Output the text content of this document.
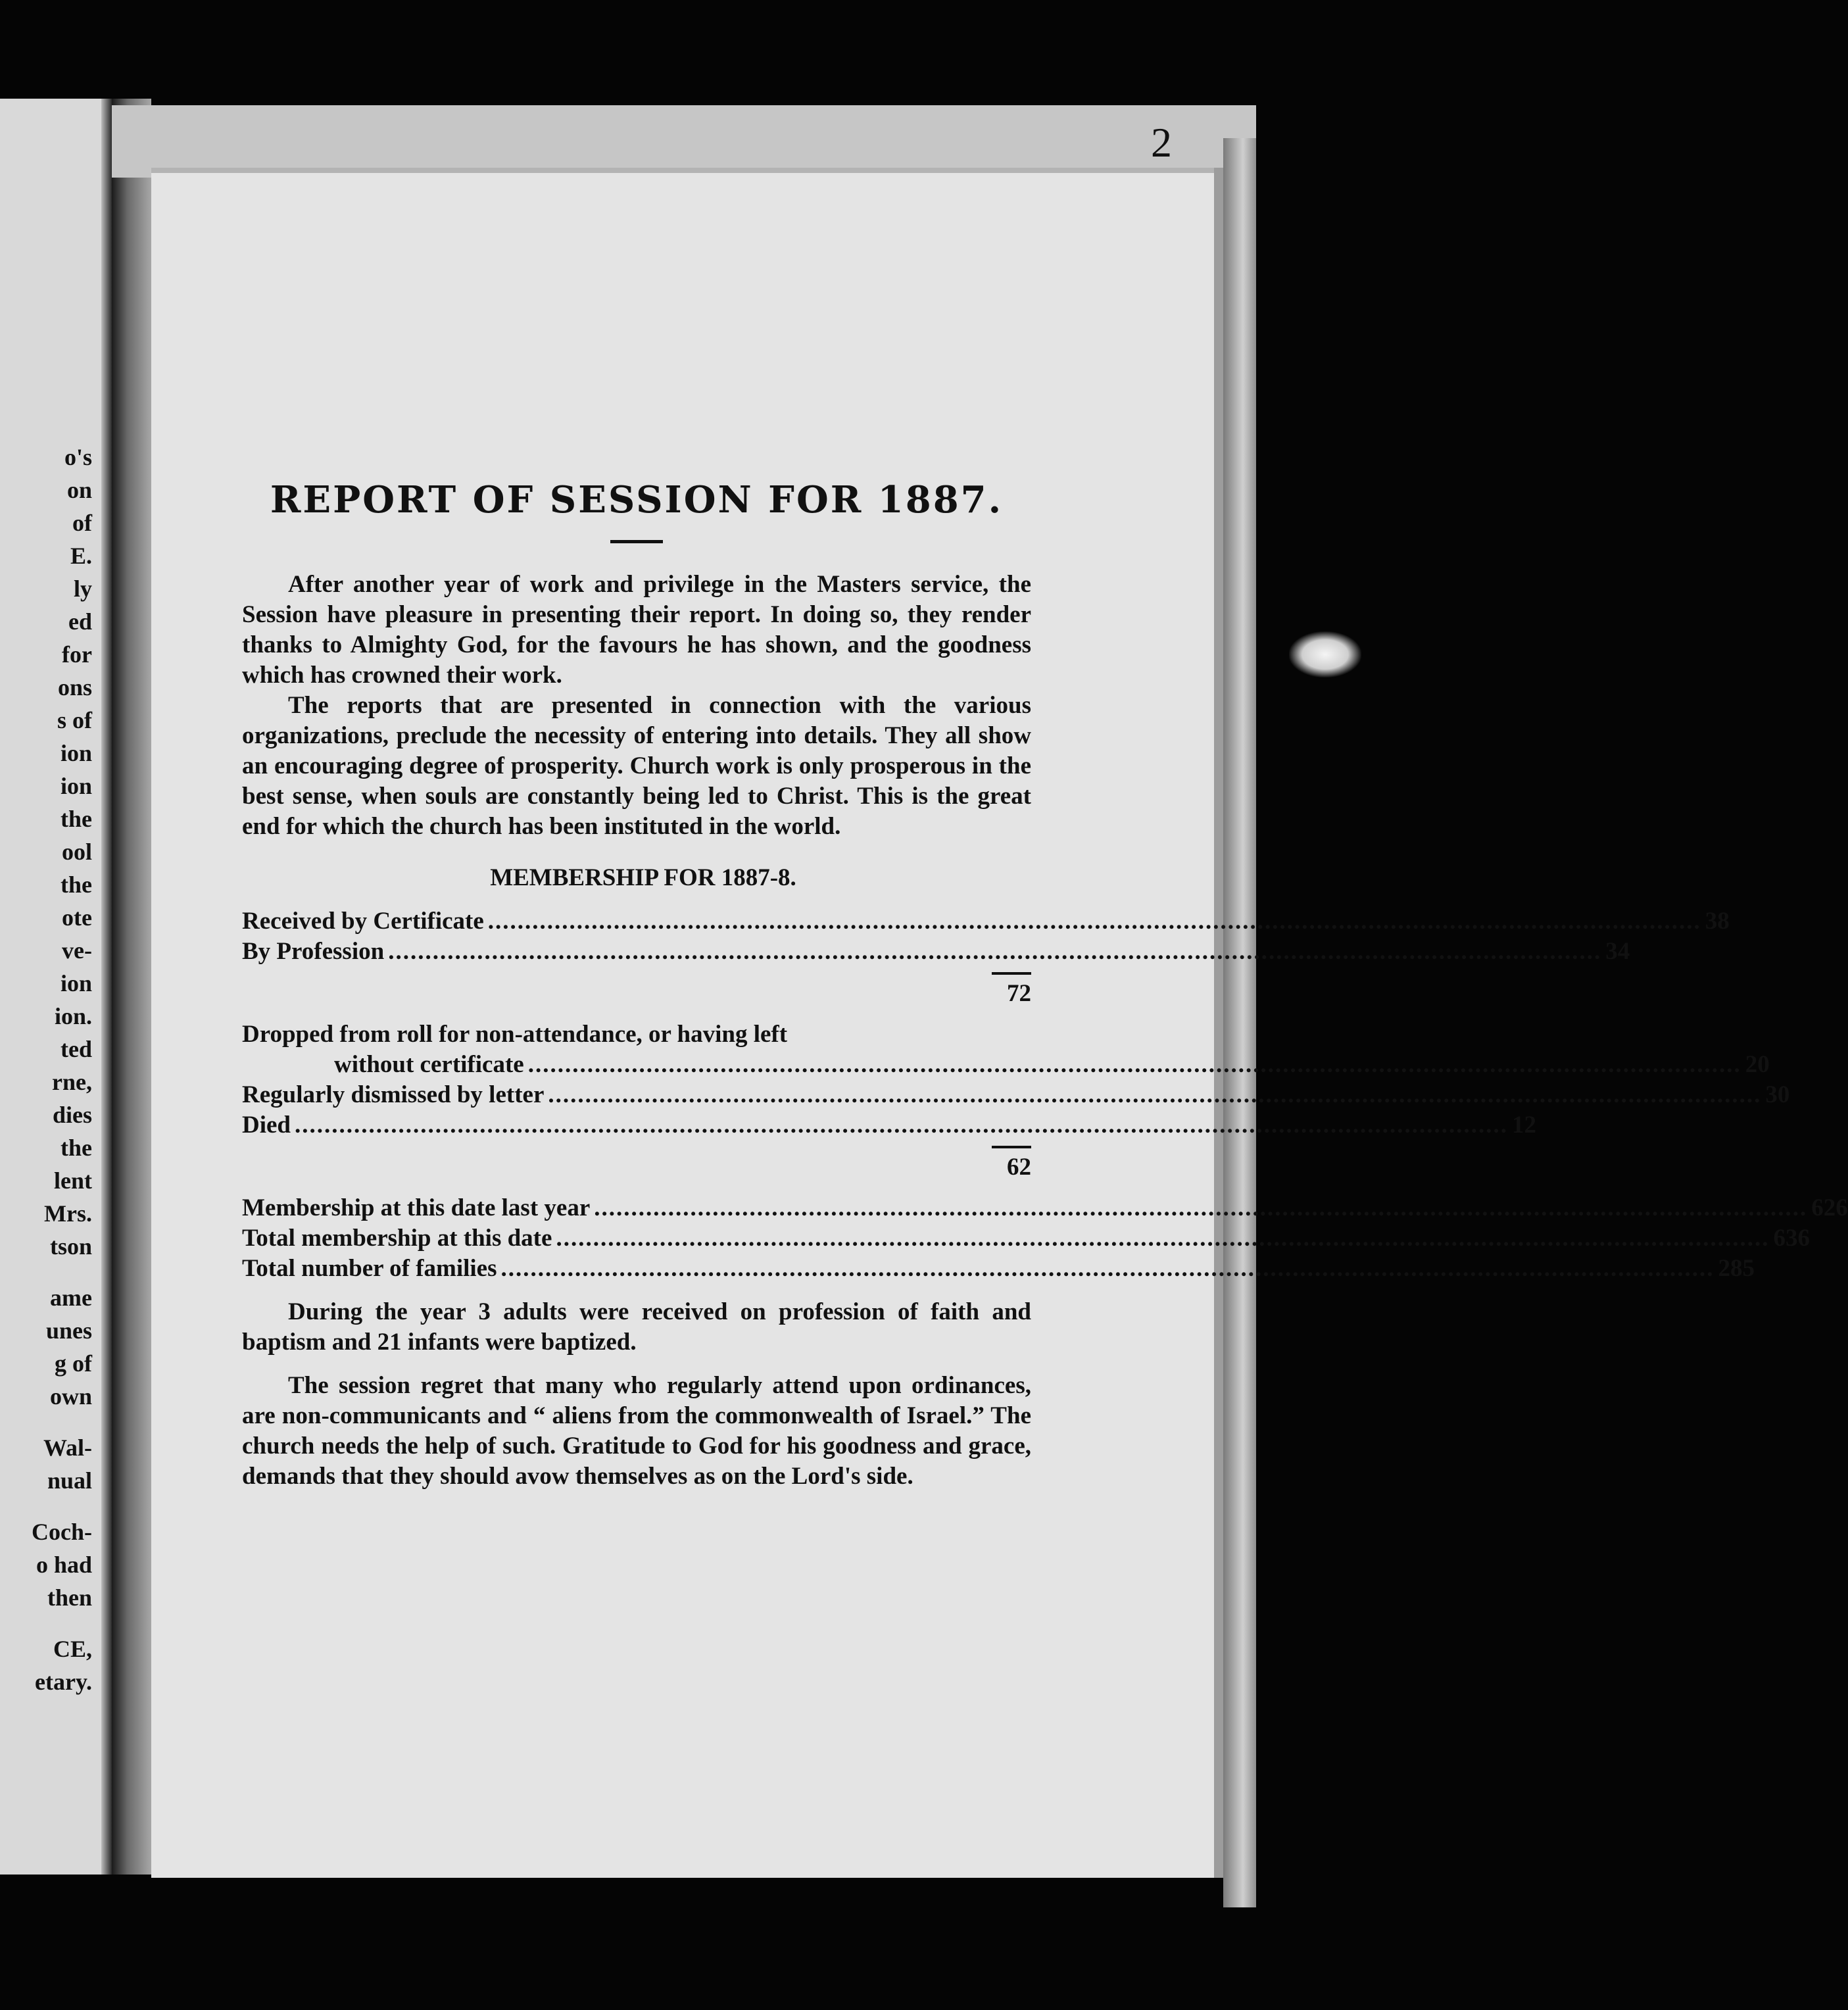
o's
on
of
E.
ly
ed
for
ons
s of
ion
ion
the
ool
the
ote
ve-
ion
ion.
ted
rne,
dies
the
lent
Mrs.
tson
ame
unes
g of
own
Wal-
nual
Coch-
o had
then
CE,
etary.
2
REPORT OF SESSION FOR 1887.

After another year of work and privilege in the Masters service, the Session have pleasure in presenting their report. In doing so, they render thanks to Almighty God, for the favours he has shown, and the goodness which has crowned their work.

The reports that are presented in connection with the various organizations, preclude the necessity of entering into details. They all show an encouraging degree of prosperity. Church work is only prosperous in the best sense, when souls are constantly being led to Christ. This is the great end for which the church has been instituted in the world.

MEMBERSHIP FOR 1887-8.
Received by Certificate .................................................................................................................................................................... 38
By Profession .................................................................................................................................................................... 34
72
Dropped from roll for non-attendance, or having left
without certificate .................................................................................................................................................................... 20
Regularly dismissed by letter .................................................................................................................................................................... 30
Died .................................................................................................................................................................... 12
62
Membership at this date last year .................................................................................................................................................................... 626
Total membership at this date .................................................................................................................................................................... 636
Total number of families .................................................................................................................................................................... 285

During the year 3 adults were received on profession of faith and baptism and 21 infants were baptized.

The session regret that many who regularly attend upon ordinances, are non-communicants and “ aliens from the commonwealth of Israel.” The church needs the help of such. Gratitude to God for his goodness and grace, demands that they should avow themselves as on the Lord's side.
